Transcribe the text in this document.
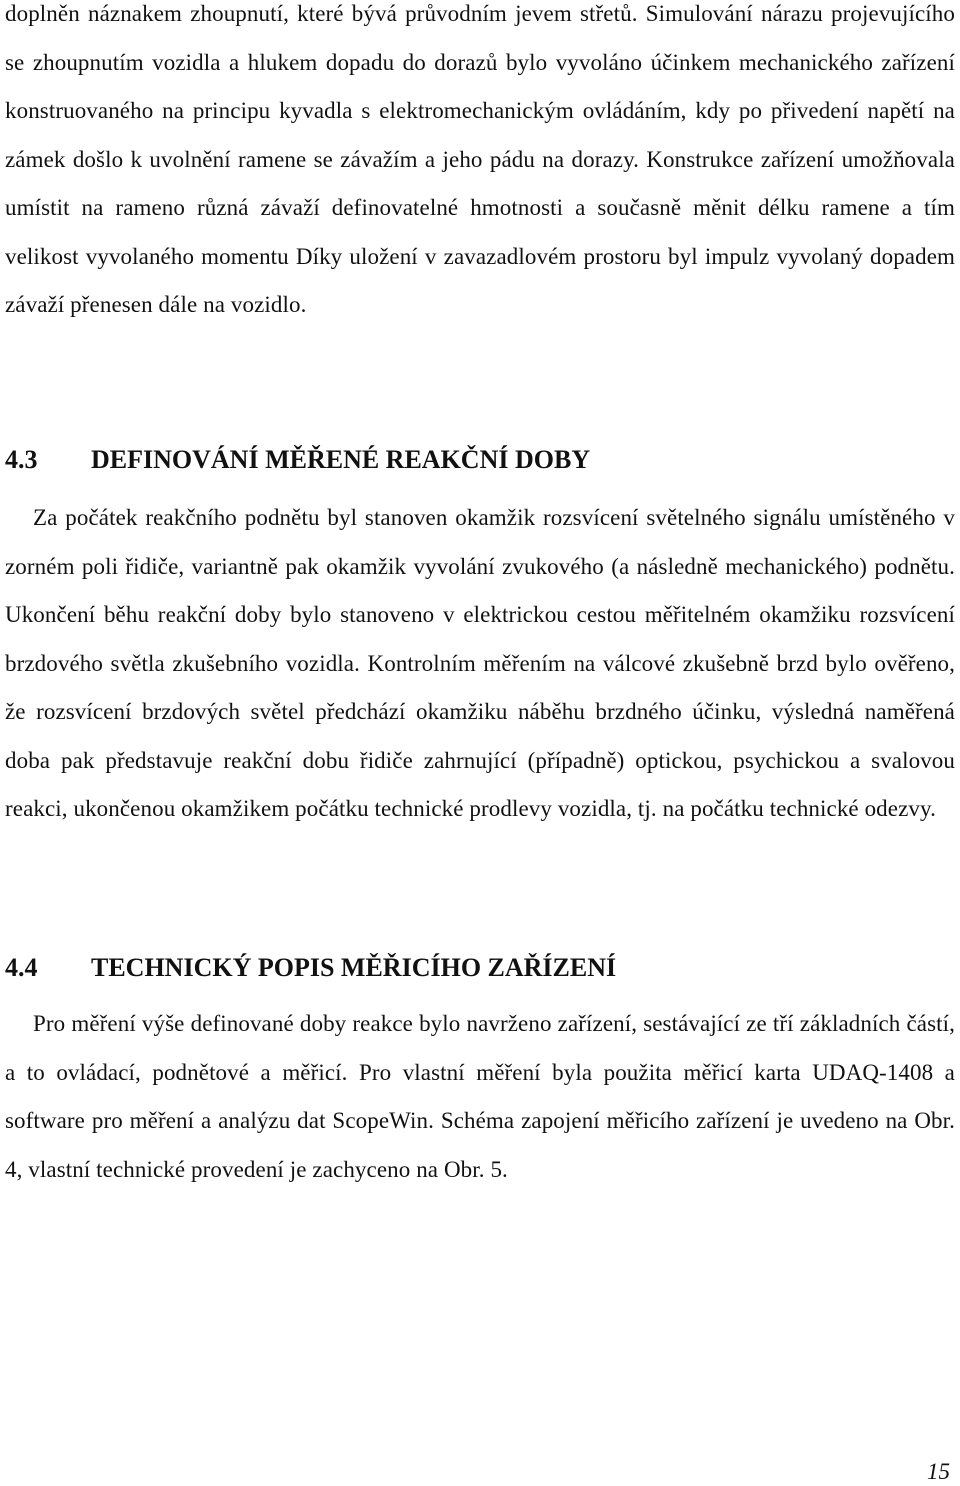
doplněn náznakem zhoupnutí, které bývá průvodním jevem střetů. Simulování nárazu projevujícího se zhoupnutím vozidla a hlukem dopadu do dorazů bylo vyvoláno účinkem mechanického zařízení konstruovaného na principu kyvadla s elektromechanickým ovládáním, kdy po přivedení napětí na zámek došlo k uvolnění ramene se závažím a jeho pádu na dorazy. Konstrukce zařízení umožňovala umístit na rameno různá závaží definovatelné hmotnosti a současně měnit délku ramene a tím velikost vyvolaného momentu Díky uložení v zavazadlovém prostoru byl impulz vyvolaný dopadem závaží přenesen dále na vozidlo.

4.3 DEFINOVÁNÍ MĚŘENÉ REAKČNÍ DOBY

Za počátek reakčního podnětu byl stanoven okamžik rozsvícení světelného signálu umístěného v zorném poli řidiče, variantně pak okamžik vyvolání zvukového (a následně mechanického) podnětu. Ukončení běhu reakční doby bylo stanoveno v elektrickou cestou měřitelném okamžiku rozsvícení brzdového světla zkušebního vozidla. Kontrolním měřením na válcové zkušebně brzd bylo ověřeno, že rozsvícení brzdových světel předchází okamžiku náběhu brzdného účinku, výsledná naměřená doba pak představuje reakční dobu řidiče zahrnující (případně) optickou, psychickou a svalovou reakci, ukončenou okamžikem počátku technické prodlevy vozidla, tj. na počátku technické odezvy.

4.4 TECHNICKÝ POPIS MĚŘICÍHO ZAŘÍZENÍ

Pro měření výše definované doby reakce bylo navrženo zařízení, sestávající ze tří základních částí, a to ovládací, podnětové a měřicí. Pro vlastní měření byla použita měřicí karta UDAQ-1408 a software pro měření a analýzu dat ScopeWin. Schéma zapojení měřicího zařízení je uvedeno na Obr. 4, vlastní technické provedení je zachyceno na Obr. 5.

15
